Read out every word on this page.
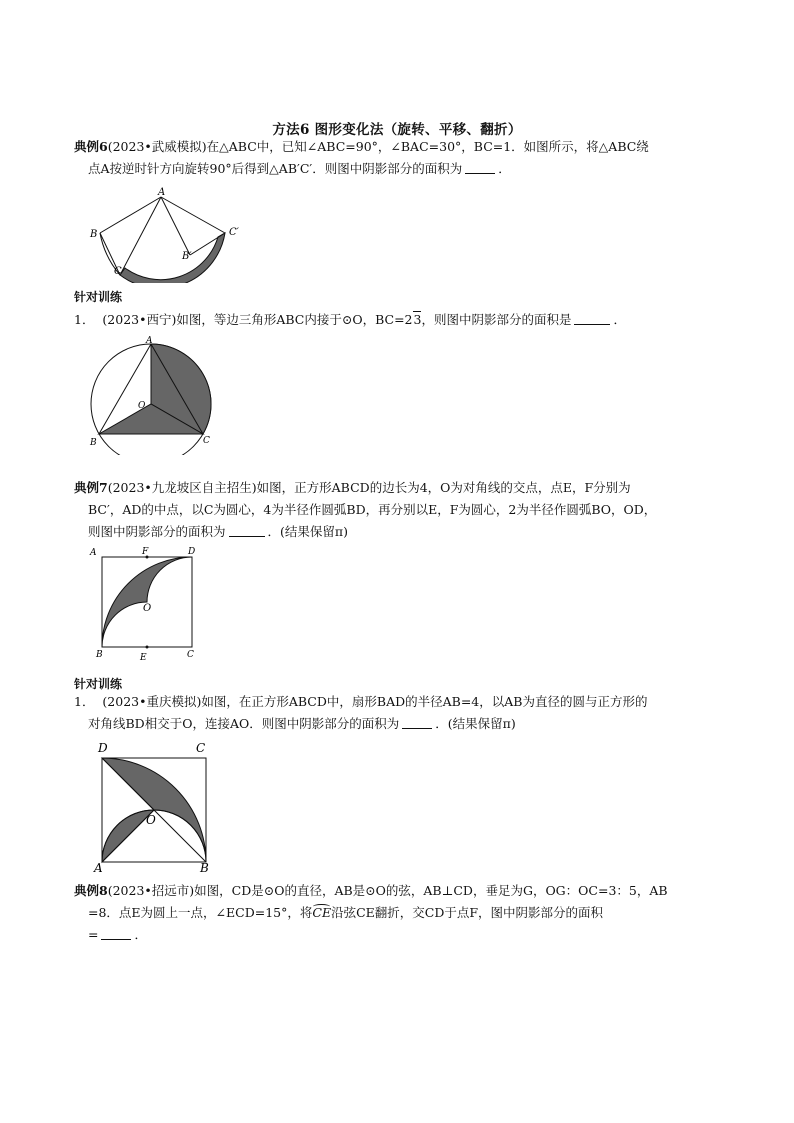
方法6 图形变化法（旋转、平移、翻折）
典例6(2023•武威模拟)在△ABC中，已知∠ABC=90°，∠BAC=30°，BC=1．如图所示，将△ABC绕
点A按逆时针方向旋转90°后得到△AB′C′．则图中阴影部分的面积为	．
A
B
C
B′
C′
针对训练
1． (2023•西宁)如图，等边三角形ABC内接于⊙O，BC=23，则图中阴影部分的面积是	．
A
B	C
O
典例7(2023•九龙坡区自主招生)如图，正方形ABCD的边长为4，O为对角线的交点，点E，F分别为
BC′，AD的中点，以C为圆心，4为半径作圆弧BD，再分别以E，F为圆心，2为半径作圆弧BO，OD，
则图中阴影部分的面积为	．(结果保留π)
A	F	D
O
B	E	C
针对训练
1． (2023•重庆模拟)如图，在正方形ABCD中，扇形BAD的半径AB=4，以AB为直径的圆与正方形的
对角线BD相交于O，连接AO．则图中阴影部分的面积为	．(结果保留π)
D	C
O
A	B
典例8(2023•招远市)如图，CD是⊙O的直径，AB是⊙O的弦，AB⊥CD，垂足为G，OG：OC=3：5，AB
=8．点E为圆上一点，∠ECD=15°，将CE沿弦CE翻折，交CD于点F，图中阴影部分的面积
=	．
